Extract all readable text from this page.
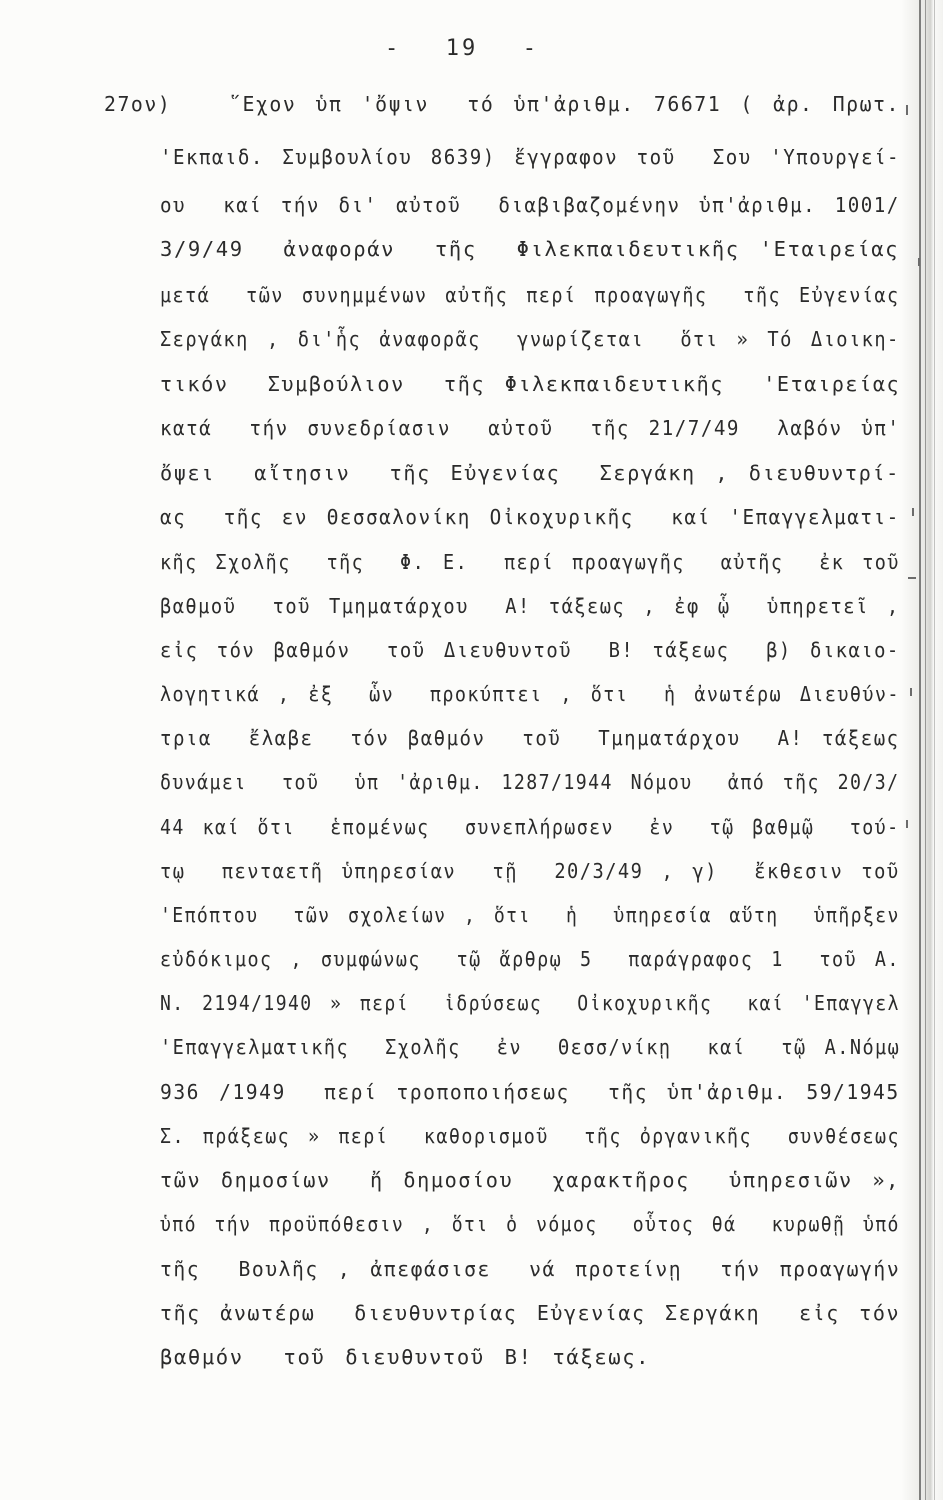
-  19  -
27ον)   ῞Εχον ὑπ 'ὄψιν  τό ὑπ'ἀριθμ. 76671 ( ἀρ. Πρωτ.
'Εκπαιδ. Συμβουλίου 8639) ἔγγραφον τοῦ  Σου 'Υπουργεί-
ου  καί τήν δι' αὐτοῦ  διαβιβαζομένην ὑπ'ἀριθμ. 1001/
3/9/49  ἀναφοράν  τῆς  Φιλεκπαιδευτικῆς 'Εταιρείας
μετά  τῶν συνημμένων αὐτῆς περί προαγωγῆς  τῆς Εὐγενίας
Σεργάκη , δι'ἧς ἀναφορᾶς  γνωρίζεται  ὅτι » Τό Διοικη-
τικόν  Συμβούλιον  τῆς Φιλεκπαιδευτικῆς  'Εταιρείας
κατά  τήν συνεδρίασιν  αὐτοῦ  τῆς 21/7/49  λαβόν ὑπ'
ὄψει  αἴτησιν  τῆς Εὐγενίας  Σεργάκη , διευθυντρί-
ας  τῆς εν Θεσσαλονίκη Οἰκοχυρικῆς  καί 'Επαγγελματι-
κῆς Σχολῆς  τῆς  Φ. Ε.  περί προαγωγῆς  αὐτῆς  ἐκ τοῦ
βαθμοῦ  τοῦ Τμηματάρχου  Α! τάξεως , ἐφ ᾧ  ὑπηρετεῖ ,
εἰς τόν βαθμόν  τοῦ Διευθυντοῦ  Β! τάξεως  β) δικαιο-
λογητικά , ἐξ  ὧν  προκύπτει , ὅτι  ἡ ἀνωτέρω Διευθύν-
τρια  ἔλαβε  τόν βαθμόν  τοῦ  Τμηματάρχου  Α! τάξεως
δυνάμει  τοῦ  ὑπ 'ἀριθμ. 1287/1944 Νόμου  ἀπό τῆς 20/3/
44 καί ὅτι  ἑπομένως  συνεπλήρωσεν  ἐν  τῷ βαθμῷ  τού-
τῳ  πενταετῆ ὑπηρεσίαν  τῇ  20/3/49 , γ)  ἔκθεσιν τοῦ
'Επόπτου  τῶν σχολείων , ὅτι  ἡ  ὑπηρεσία αὕτη  ὑπῆρξεν
εὐδόκιμος , συμφώνως  τῷ ἄρθρῳ 5  παράγραφος 1  τοῦ Α.
Ν. 2194/1940 » περί  ἱδρύσεως  Οἰκοχυρικῆς  καί 'Επαγγελ
'Επαγγελματικῆς  Σχολῆς  ἐν  Θεσσ/νίκῃ  καί  τῷ Α.Νόμῳ
936 /1949  περί τροποποιήσεως  τῆς ὑπ'ἀριθμ. 59/1945
Σ. πράξεως » περί  καθορισμοῦ  τῆς ὀργανικῆς  συνθέσεως
τῶν δημοσίων  ἤ δημοσίου  χαρακτῆρος  ὑπηρεσιῶν »,
ὑπό τήν προϋπόθεσιν , ὅτι ὁ νόμος  οὗτος θά  κυρωθῇ ὑπό
τῆς  Βουλῆς , ἀπεφάσισε  νά προτείνῃ  τήν προαγωγήν
τῆς ἀνωτέρω  διευθυντρίας Εὐγενίας Σεργάκη  εἰς τόν
βαθμόν  τοῦ διευθυντοῦ Β! τάξεως.
